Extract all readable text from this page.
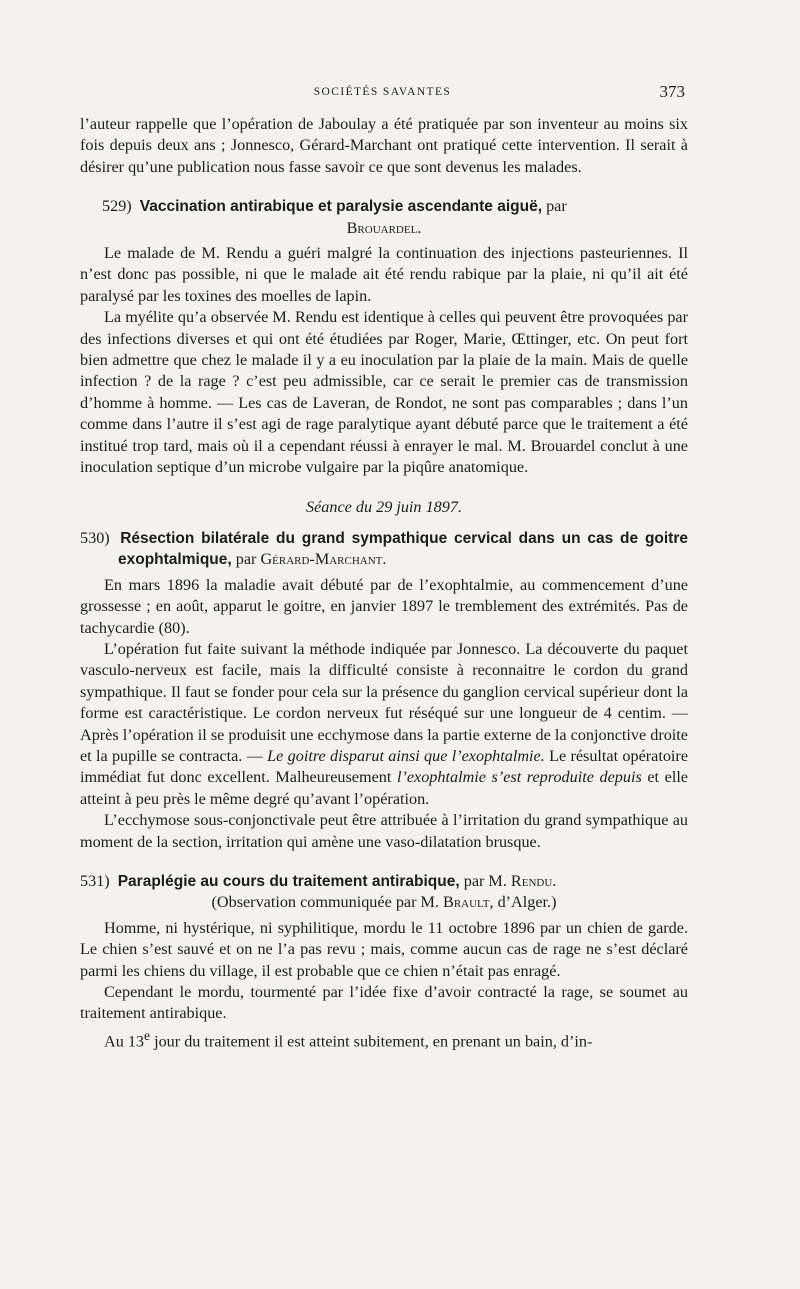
SOCIÉTÉS SAVANTES	373

l’auteur rappelle que l’opération de Jaboulay a été pratiquée par son inventeur au moins six fois depuis deux ans ; Jonnesco, Gérard-Marchant ont pratiqué cette intervention. Il serait à désirer qu’une publication nous fasse savoir ce que sont devenus les malades.

529) Vaccination antirabique et paralysie ascendante aiguë, par

Brouardel.

Le malade de M. Rendu a guéri malgré la continuation des injections pasteuriennes. Il n’est donc pas possible, ni que le malade ait été rendu rabique par la plaie, ni qu’il ait été paralysé par les toxines des moelles de lapin.

La myélite qu’a observée M. Rendu est identique à celles qui peuvent être provoquées par des infections diverses et qui ont été étudiées par Roger, Marie, Œttinger, etc. On peut fort bien admettre que chez le malade il y a eu inoculation par la plaie de la main. Mais de quelle infection ? de la rage ? c’est peu admissible, car ce serait le premier cas de transmission d’homme à homme. — Les cas de Laveran, de Rondot, ne sont pas comparables ; dans l’un comme dans l’autre il s’est agi de rage paralytique ayant débuté parce que le traitement a été institué trop tard, mais où il a cependant réussi à enrayer le mal. M. Brouardel conclut à une inoculation septique d’un microbe vulgaire par la piqûre anatomique.

Séance du 29 juin 1897.

530) Résection bilatérale du grand sympathique cervical dans un cas de goitre exophtalmique, par Gérard-Marchant.

En mars 1896 la maladie avait débuté par de l’exophtalmie, au commencement d’une grossesse ; en août, apparut le goitre, en janvier 1897 le tremblement des extrémités. Pas de tachycardie (80).

L’opération fut faite suivant la méthode indiquée par Jonnesco. La découverte du paquet vasculo-nerveux est facile, mais la difficulté consiste à reconnaitre le cordon du grand sympathique. Il faut se fonder pour cela sur la présence du ganglion cervical supérieur dont la forme est caractéristique. Le cordon nerveux fut réséqué sur une longueur de 4 centim. — Après l’opération il se produisit une ecchymose dans la partie externe de la conjonctive droite et la pupille se contracta. — Le goitre disparut ainsi que l’exophtalmie. Le résultat opératoire immédiat fut donc excellent. Malheureusement l’exophtalmie s’est reproduite depuis et elle atteint à peu près le même degré qu’avant l’opération.

L’ecchymose sous-conjonctivale peut être attribuée à l’irritation du grand sympathique au moment de la section, irritation qui amène une vaso-dilatation brusque.

531) Paraplégie au cours du traitement antirabique, par M. Rendu.

(Observation communiquée par M. Brault, d’Alger.)

Homme, ni hystérique, ni syphilitique, mordu le 11 octobre 1896 par un chien de garde. Le chien s’est sauvé et on ne l’a pas revu ; mais, comme aucun cas de rage ne s’est déclaré parmi les chiens du village, il est probable que ce chien n’était pas enragé.

Cependant le mordu, tourmenté par l’idée fixe d’avoir contracté la rage, se soumet au traitement antirabique.

Au 13e jour du traitement il est atteint subitement, en prenant un bain, d’in-
